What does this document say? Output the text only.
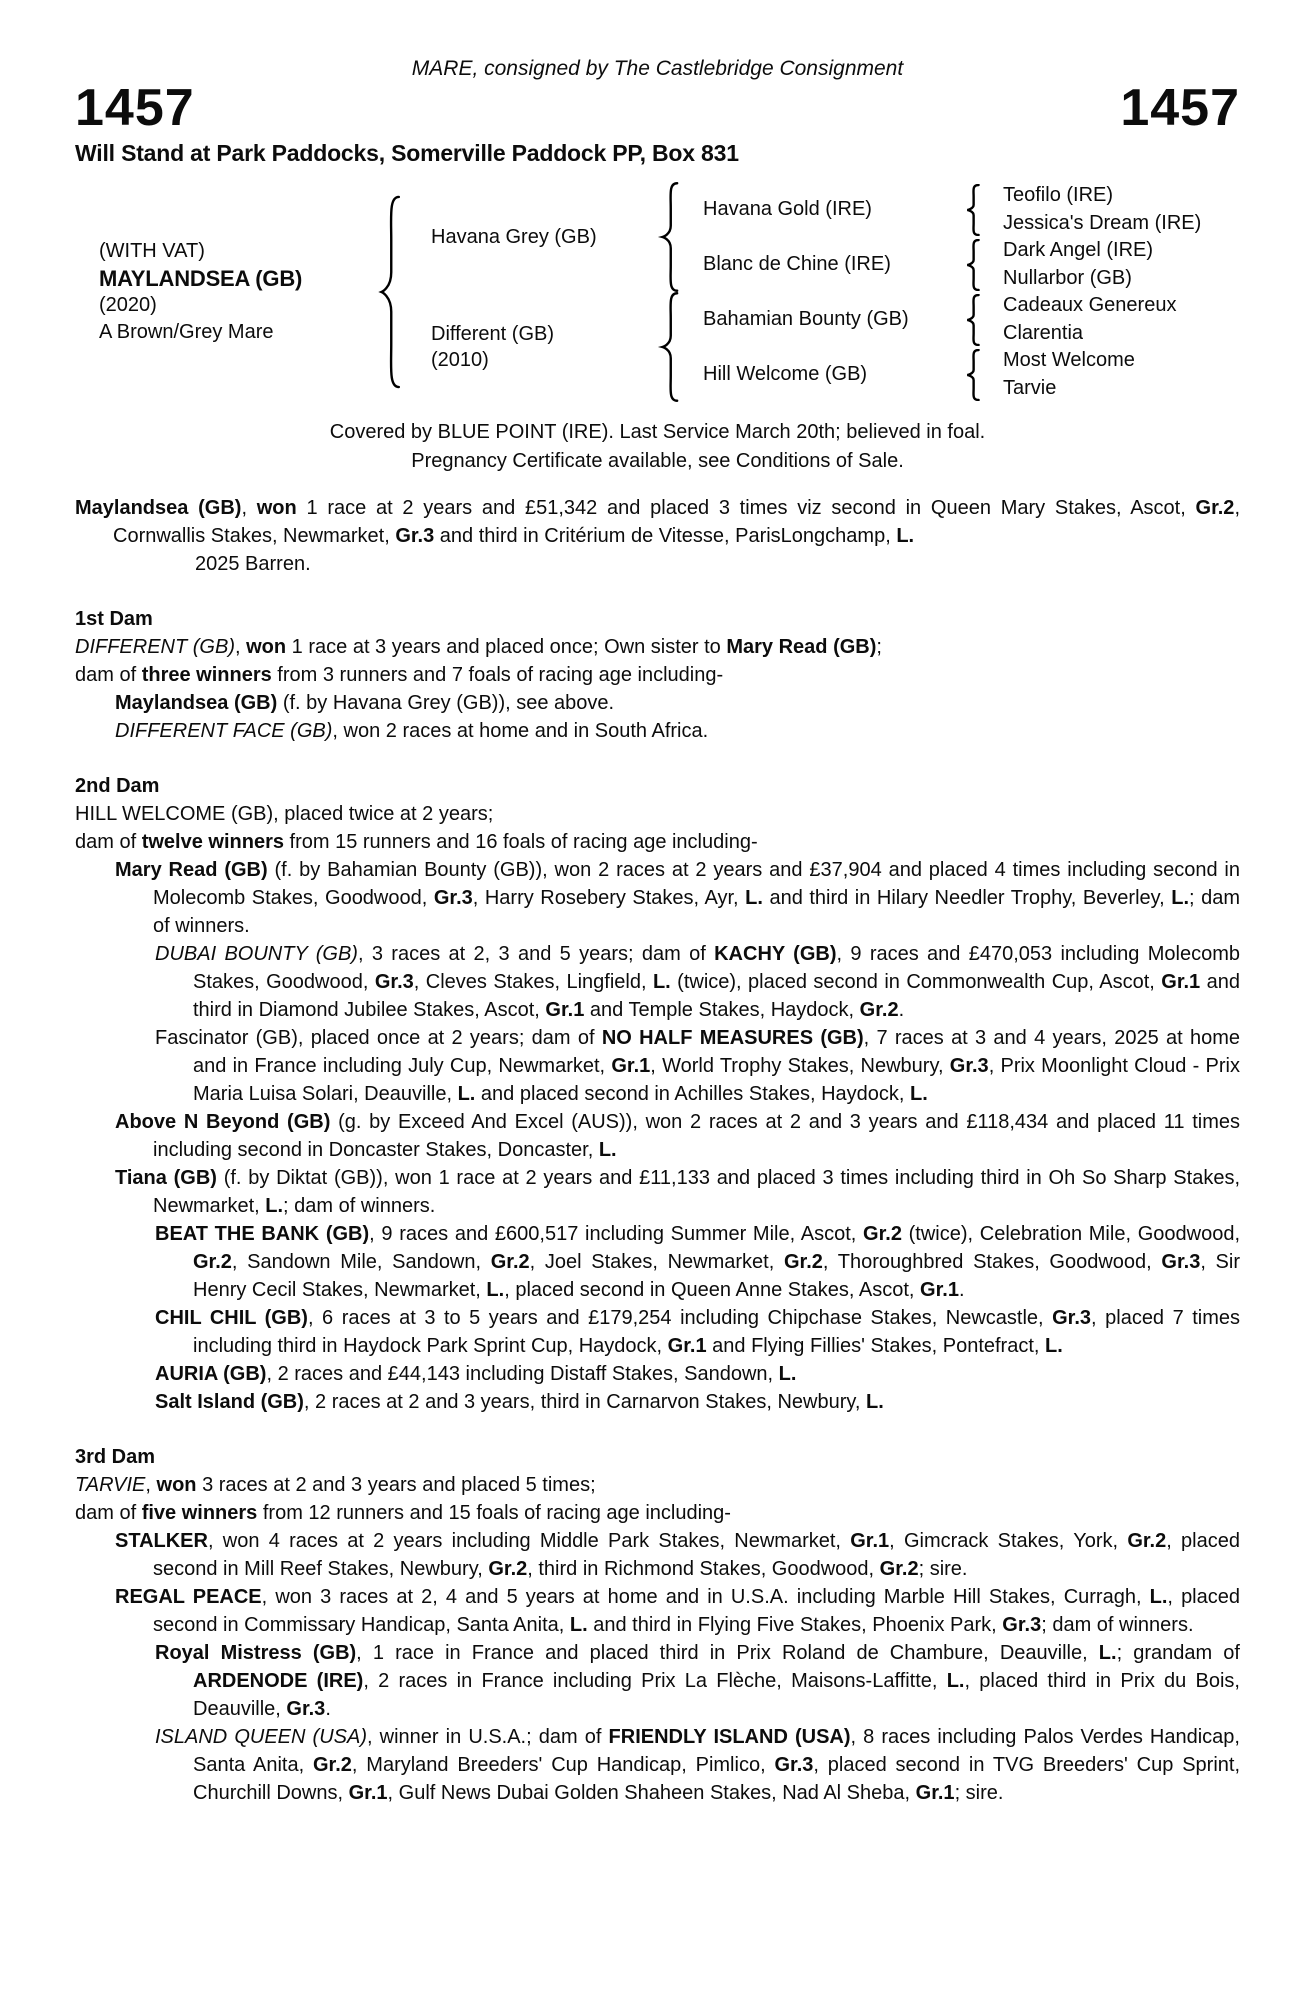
MARE, consigned by The Castlebridge Consignment
1457	1457
Will Stand at Park Paddocks, Somerville Paddock PP, Box 831
(WITH VAT)
MAYLANDSEA (GB)
(2020)
A Brown/Grey Mare
Havana Grey (GB)
Different (GB)
(2010)
Havana Gold (IRE)
Blanc de Chine (IRE)
Bahamian Bounty (GB)
Hill Welcome (GB)
Teofilo (IRE)
Jessica's Dream (IRE)
Dark Angel (IRE)
Nullarbor (GB)
Cadeaux Genereux
Clarentia
Most Welcome
Tarvie
Covered by BLUE POINT (IRE). Last Service March 20th; believed in foal.
Pregnancy Certificate available, see Conditions of Sale.
Maylandsea (GB), won 1 race at 2 years and £51,342 and placed 3 times viz second in Queen Mary Stakes, Ascot, Gr.2, Cornwallis Stakes, Newmarket, Gr.3 and third in Critérium de Vitesse, ParisLongchamp, L.
2025 Barren.
1st Dam
DIFFERENT (GB), won 1 race at 3 years and placed once; Own sister to Mary Read (GB);
dam of three winners from 3 runners and 7 foals of racing age including-
Maylandsea (GB) (f. by Havana Grey (GB)), see above.
DIFFERENT FACE (GB), won 2 races at home and in South Africa.
2nd Dam
HILL WELCOME (GB), placed twice at 2 years;
dam of twelve winners from 15 runners and 16 foals of racing age including-
Mary Read (GB) (f. by Bahamian Bounty (GB)), won 2 races at 2 years and £37,904 and placed 4 times including second in Molecomb Stakes, Goodwood, Gr.3, Harry Rosebery Stakes, Ayr, L. and third in Hilary Needler Trophy, Beverley, L.; dam of winners.
DUBAI BOUNTY (GB), 3 races at 2, 3 and 5 years; dam of KACHY (GB), 9 races and £470,053 including Molecomb Stakes, Goodwood, Gr.3, Cleves Stakes, Lingfield, L. (twice), placed second in Commonwealth Cup, Ascot, Gr.1 and third in Diamond Jubilee Stakes, Ascot, Gr.1 and Temple Stakes, Haydock, Gr.2.
Fascinator (GB), placed once at 2 years; dam of NO HALF MEASURES (GB), 7 races at 3 and 4 years, 2025 at home and in France including July Cup, Newmarket, Gr.1, World Trophy Stakes, Newbury, Gr.3, Prix Moonlight Cloud - Prix Maria Luisa Solari, Deauville, L. and placed second in Achilles Stakes, Haydock, L.
Above N Beyond (GB) (g. by Exceed And Excel (AUS)), won 2 races at 2 and 3 years and £118,434 and placed 11 times including second in Doncaster Stakes, Doncaster, L.
Tiana (GB) (f. by Diktat (GB)), won 1 race at 2 years and £11,133 and placed 3 times including third in Oh So Sharp Stakes, Newmarket, L.; dam of winners.
BEAT THE BANK (GB), 9 races and £600,517 including Summer Mile, Ascot, Gr.2 (twice), Celebration Mile, Goodwood, Gr.2, Sandown Mile, Sandown, Gr.2, Joel Stakes, Newmarket, Gr.2, Thoroughbred Stakes, Goodwood, Gr.3, Sir Henry Cecil Stakes, Newmarket, L., placed second in Queen Anne Stakes, Ascot, Gr.1.
CHIL CHIL (GB), 6 races at 3 to 5 years and £179,254 including Chipchase Stakes, Newcastle, Gr.3, placed 7 times including third in Haydock Park Sprint Cup, Haydock, Gr.1 and Flying Fillies' Stakes, Pontefract, L.
AURIA (GB), 2 races and £44,143 including Distaff Stakes, Sandown, L.
Salt Island (GB), 2 races at 2 and 3 years, third in Carnarvon Stakes, Newbury, L.
3rd Dam
TARVIE, won 3 races at 2 and 3 years and placed 5 times;
dam of five winners from 12 runners and 15 foals of racing age including-
STALKER, won 4 races at 2 years including Middle Park Stakes, Newmarket, Gr.1, Gimcrack Stakes, York, Gr.2, placed second in Mill Reef Stakes, Newbury, Gr.2, third in Richmond Stakes, Goodwood, Gr.2; sire.
REGAL PEACE, won 3 races at 2, 4 and 5 years at home and in U.S.A. including Marble Hill Stakes, Curragh, L., placed second in Commissary Handicap, Santa Anita, L. and third in Flying Five Stakes, Phoenix Park, Gr.3; dam of winners.
Royal Mistress (GB), 1 race in France and placed third in Prix Roland de Chambure, Deauville, L.; grandam of ARDENODE (IRE), 2 races in France including Prix La Flèche, Maisons-Laffitte, L., placed third in Prix du Bois, Deauville, Gr.3.
ISLAND QUEEN (USA), winner in U.S.A.; dam of FRIENDLY ISLAND (USA), 8 races including Palos Verdes Handicap, Santa Anita, Gr.2, Maryland Breeders' Cup Handicap, Pimlico, Gr.3, placed second in TVG Breeders' Cup Sprint, Churchill Downs, Gr.1, Gulf News Dubai Golden Shaheen Stakes, Nad Al Sheba, Gr.1; sire.
